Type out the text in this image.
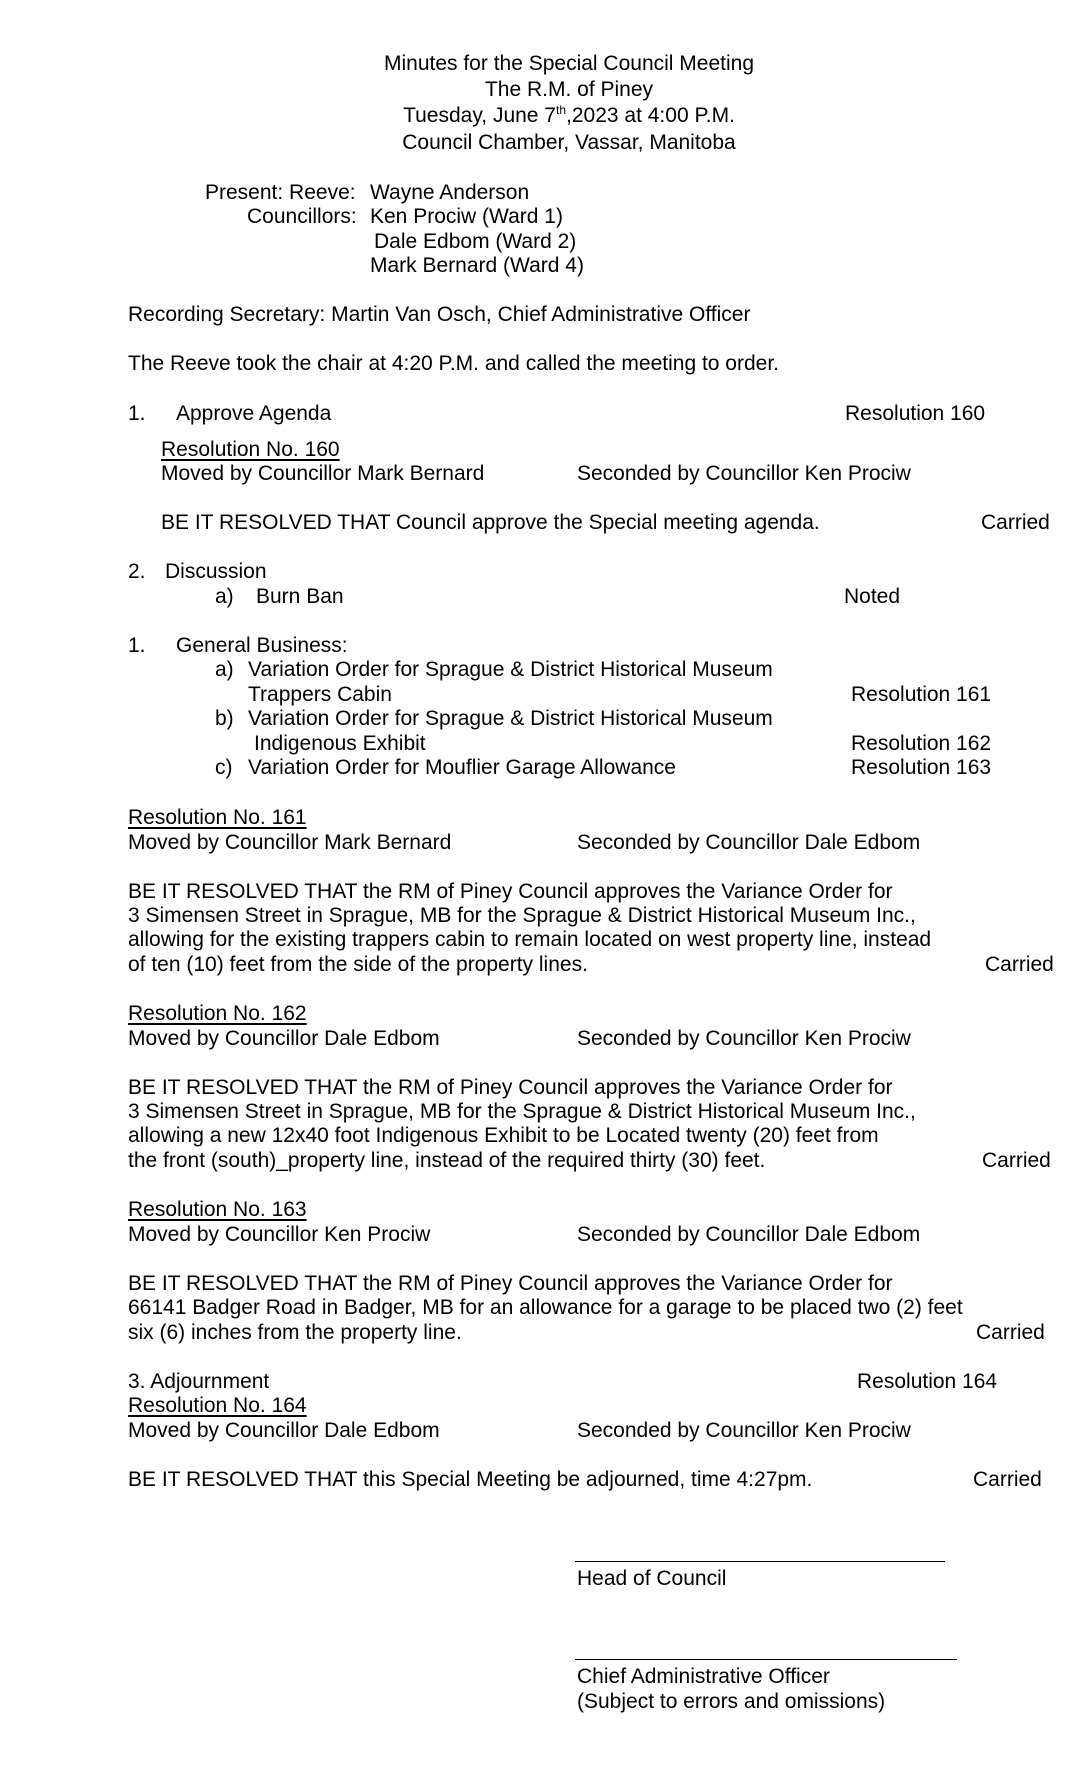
Minutes for the Special Council Meeting
The R.M. of Piney
Tuesday, June 7th,2023 at 4:00 P.M.
Council Chamber, Vassar, Manitoba
Present: Reeve: Wayne Anderson
Councillors: Ken Prociw (Ward 1)
Dale Edbom (Ward 2)
Mark Bernard (Ward 4)
Recording Secretary: Martin Van Osch, Chief Administrative Officer
The Reeve took the chair at 4:20 P.M. and called the meeting to order.
1. Approve Agenda	Resolution 160
Resolution No. 160
Moved by Councillor Mark Bernard	Seconded by Councillor Ken Prociw
BE IT RESOLVED THAT Council approve the Special meeting agenda.	Carried
2. Discussion
a) Burn Ban	Noted
1. General Business:
a) Variation Order for Sprague & District Historical Museum
Trappers Cabin	Resolution 161
b) Variation Order for Sprague & District Historical Museum
Indigenous Exhibit	Resolution 162
c) Variation Order for Mouflier Garage Allowance	Resolution 163
Resolution No. 161
Moved by Councillor Mark Bernard	Seconded by Councillor Dale Edbom
BE IT RESOLVED THAT the RM of Piney Council approves the Variance Order for
3 Simensen Street in Sprague, MB for the Sprague & District Historical Museum Inc.,
allowing for the existing trappers cabin to remain located on west property line, instead
of ten (10) feet from the side of the property lines.	Carried
Resolution No. 162
Moved by Councillor Dale Edbom	Seconded by Councillor Ken Prociw
BE IT RESOLVED THAT the RM of Piney Council approves the Variance Order for
3 Simensen Street in Sprague, MB for the Sprague & District Historical Museum Inc.,
allowing a new 12x40 foot Indigenous Exhibit to be Located twenty (20) feet from
the front (south)_property line, instead of the required thirty (30) feet.	Carried
Resolution No. 163
Moved by Councillor Ken Prociw	Seconded by Councillor Dale Edbom
BE IT RESOLVED THAT the RM of Piney Council approves the Variance Order for
66141 Badger Road in Badger, MB for an allowance for a garage to be placed two (2) feet
six (6) inches from the property line.	Carried
3. Adjournment	Resolution 164
Resolution No. 164
Moved by Councillor Dale Edbom	Seconded by Councillor Ken Prociw
BE IT RESOLVED THAT this Special Meeting be adjourned, time 4:27pm.	Carried
Head of Council
Chief Administrative Officer
(Subject to errors and omissions)
